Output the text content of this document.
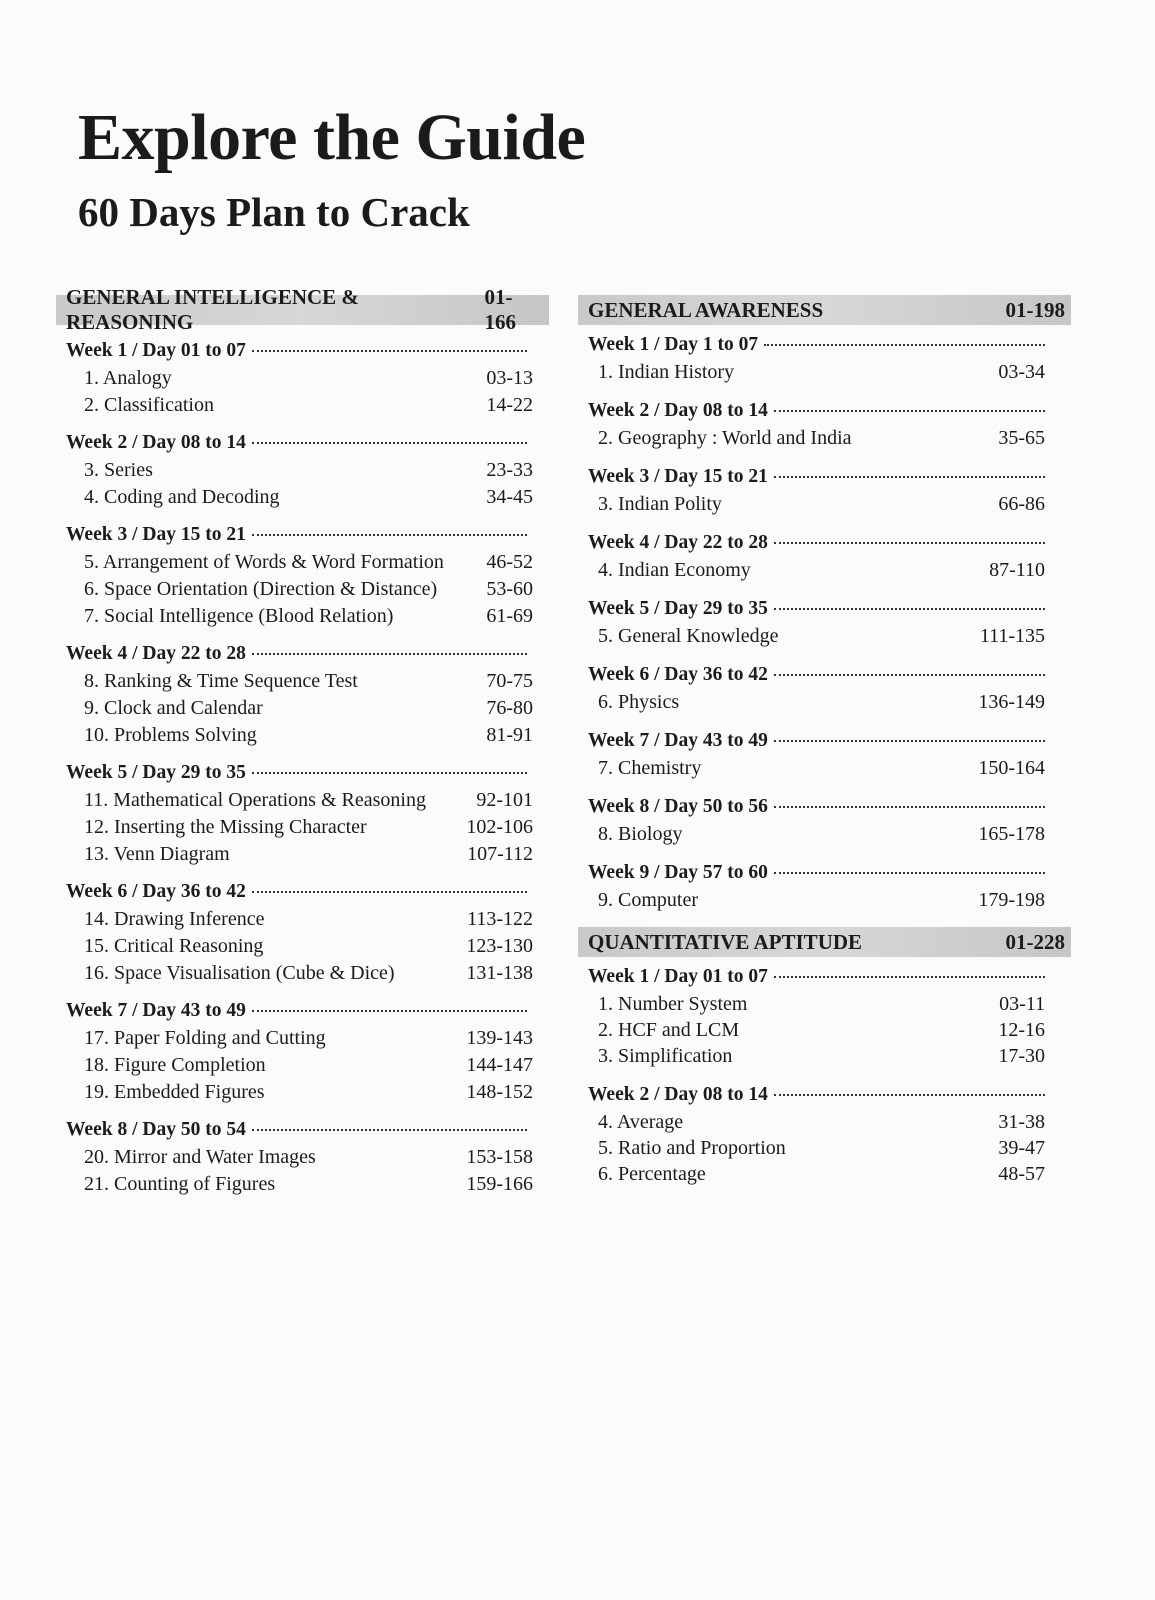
Explore the Guide
60 Days Plan to Crack
GENERAL INTELLIGENCE & REASONING
01-166
Week 1 / Day 01 to 07
1. Analogy	03-13
2. Classification	14-22
Week 2 / Day 08 to 14
3. Series	23-33
4. Coding and Decoding	34-45
Week 3 / Day 15 to 21
5. Arrangement of Words & Word Formation 46-52
6. Space Orientation (Direction & Distance) 53-60
7. Social Intelligence (Blood Relation)	61-69
Week 4 / Day 22 to 28
8. Ranking & Time Sequence Test	70-75
9. Clock and Calendar	76-80
10. Problems Solving	81-91
Week 5 / Day 29 to 35
11. Mathematical Operations & Reasoning	92-101
12. Inserting the Missing Character	102-106
13. Venn Diagram	107-112
Week 6 / Day 36 to 42
14. Drawing Inference	113-122
15. Critical Reasoning	123-130
16. Space Visualisation (Cube & Dice)	131-138
Week 7 / Day 43 to 49
17. Paper Folding and Cutting	139-143
18. Figure Completion	144-147
19. Embedded Figures	148-152
Week 8 / Day 50 to 54
20. Mirror and Water Images	153-158
21. Counting of Figures	159-166
GENERAL AWARENESS	01-198
Week 1 / Day 1 to 07
1. Indian History	03-34
Week 2 / Day 08 to 14
2. Geography : World and India	35-65
Week 3 / Day 15 to 21
3. Indian Polity	66-86
Week 4 / Day 22 to 28
4. Indian Economy	87-110
Week 5 / Day 29 to 35
5. General Knowledge	111-135
Week 6 / Day 36 to 42
6. Physics	136-149
Week 7 / Day 43 to 49
7. Chemistry	150-164
Week 8 / Day 50 to 56
8. Biology	165-178
Week 9 / Day 57 to 60
9. Computer	179-198
QUANTITATIVE APTITUDE	01-228
Week 1 / Day 01 to 07
1. Number System	03-11
2. HCF and LCM	12-16
3. Simplification	17-30
Week 2 / Day 08 to 14
4. Average	31-38
5. Ratio and Proportion	39-47
6. Percentage	48-57
